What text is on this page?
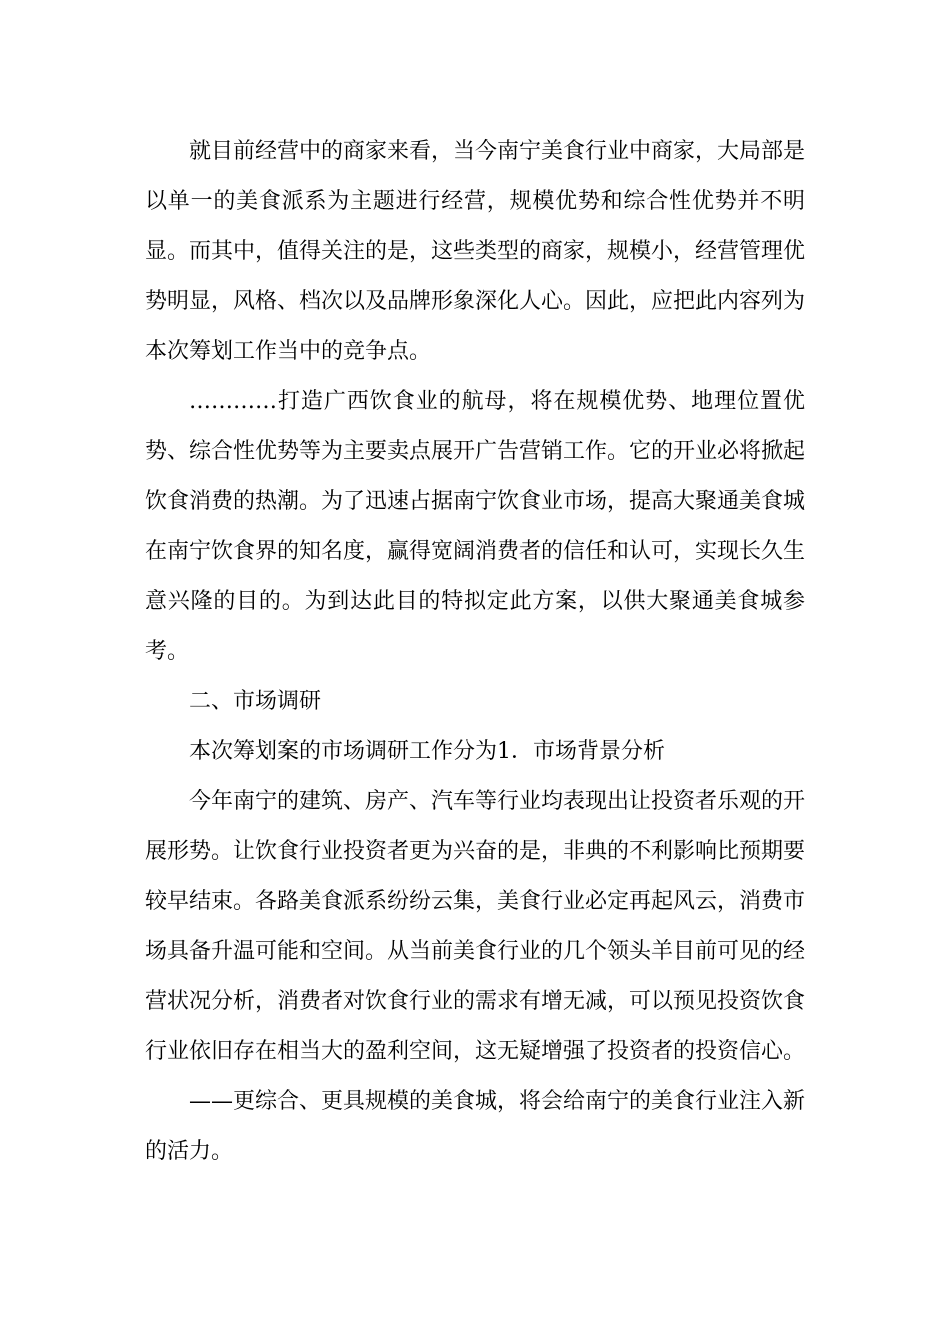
就目前经营中的商家来看，当今南宁美食行业中商家，大局部是以单一的美食派系为主题进行经营，规模优势和综合性优势并不明显。而其中，值得关注的是，这些类型的商家，规模小，经营管理优势明显，风格、档次以及品牌形象深化人心。因此，应把此内容列为本次筹划工作当中的竞争点。

…………打造广西饮食业的航母，将在规模优势、地理位置优势、综合性优势等为主要卖点展开广告营销工作。它的开业必将掀起饮食消费的热潮。为了迅速占据南宁饮食业市场，提高大聚通美食城在南宁饮食界的知名度，赢得宽阔消费者的信任和认可，实现长久生意兴隆的目的。为到达此目的特拟定此方案，以供大聚通美食城参考。

二、市场调研

本次筹划案的市场调研工作分为1．市场背景分析

今年南宁的建筑、房产、汽车等行业均表现出让投资者乐观的开展形势。让饮食行业投资者更为兴奋的是，非典的不利影响比预期要较早结束。各路美食派系纷纷云集，美食行业必定再起风云，消费市场具备升温可能和空间。从当前美食行业的几个领头羊目前可见的经营状况分析，消费者对饮食行业的需求有增无减，可以预见投资饮食行业依旧存在相当大的盈利空间，这无疑增强了投资者的投资信心。

——更综合、更具规模的美食城，将会给南宁的美食行业注入新的活力。
